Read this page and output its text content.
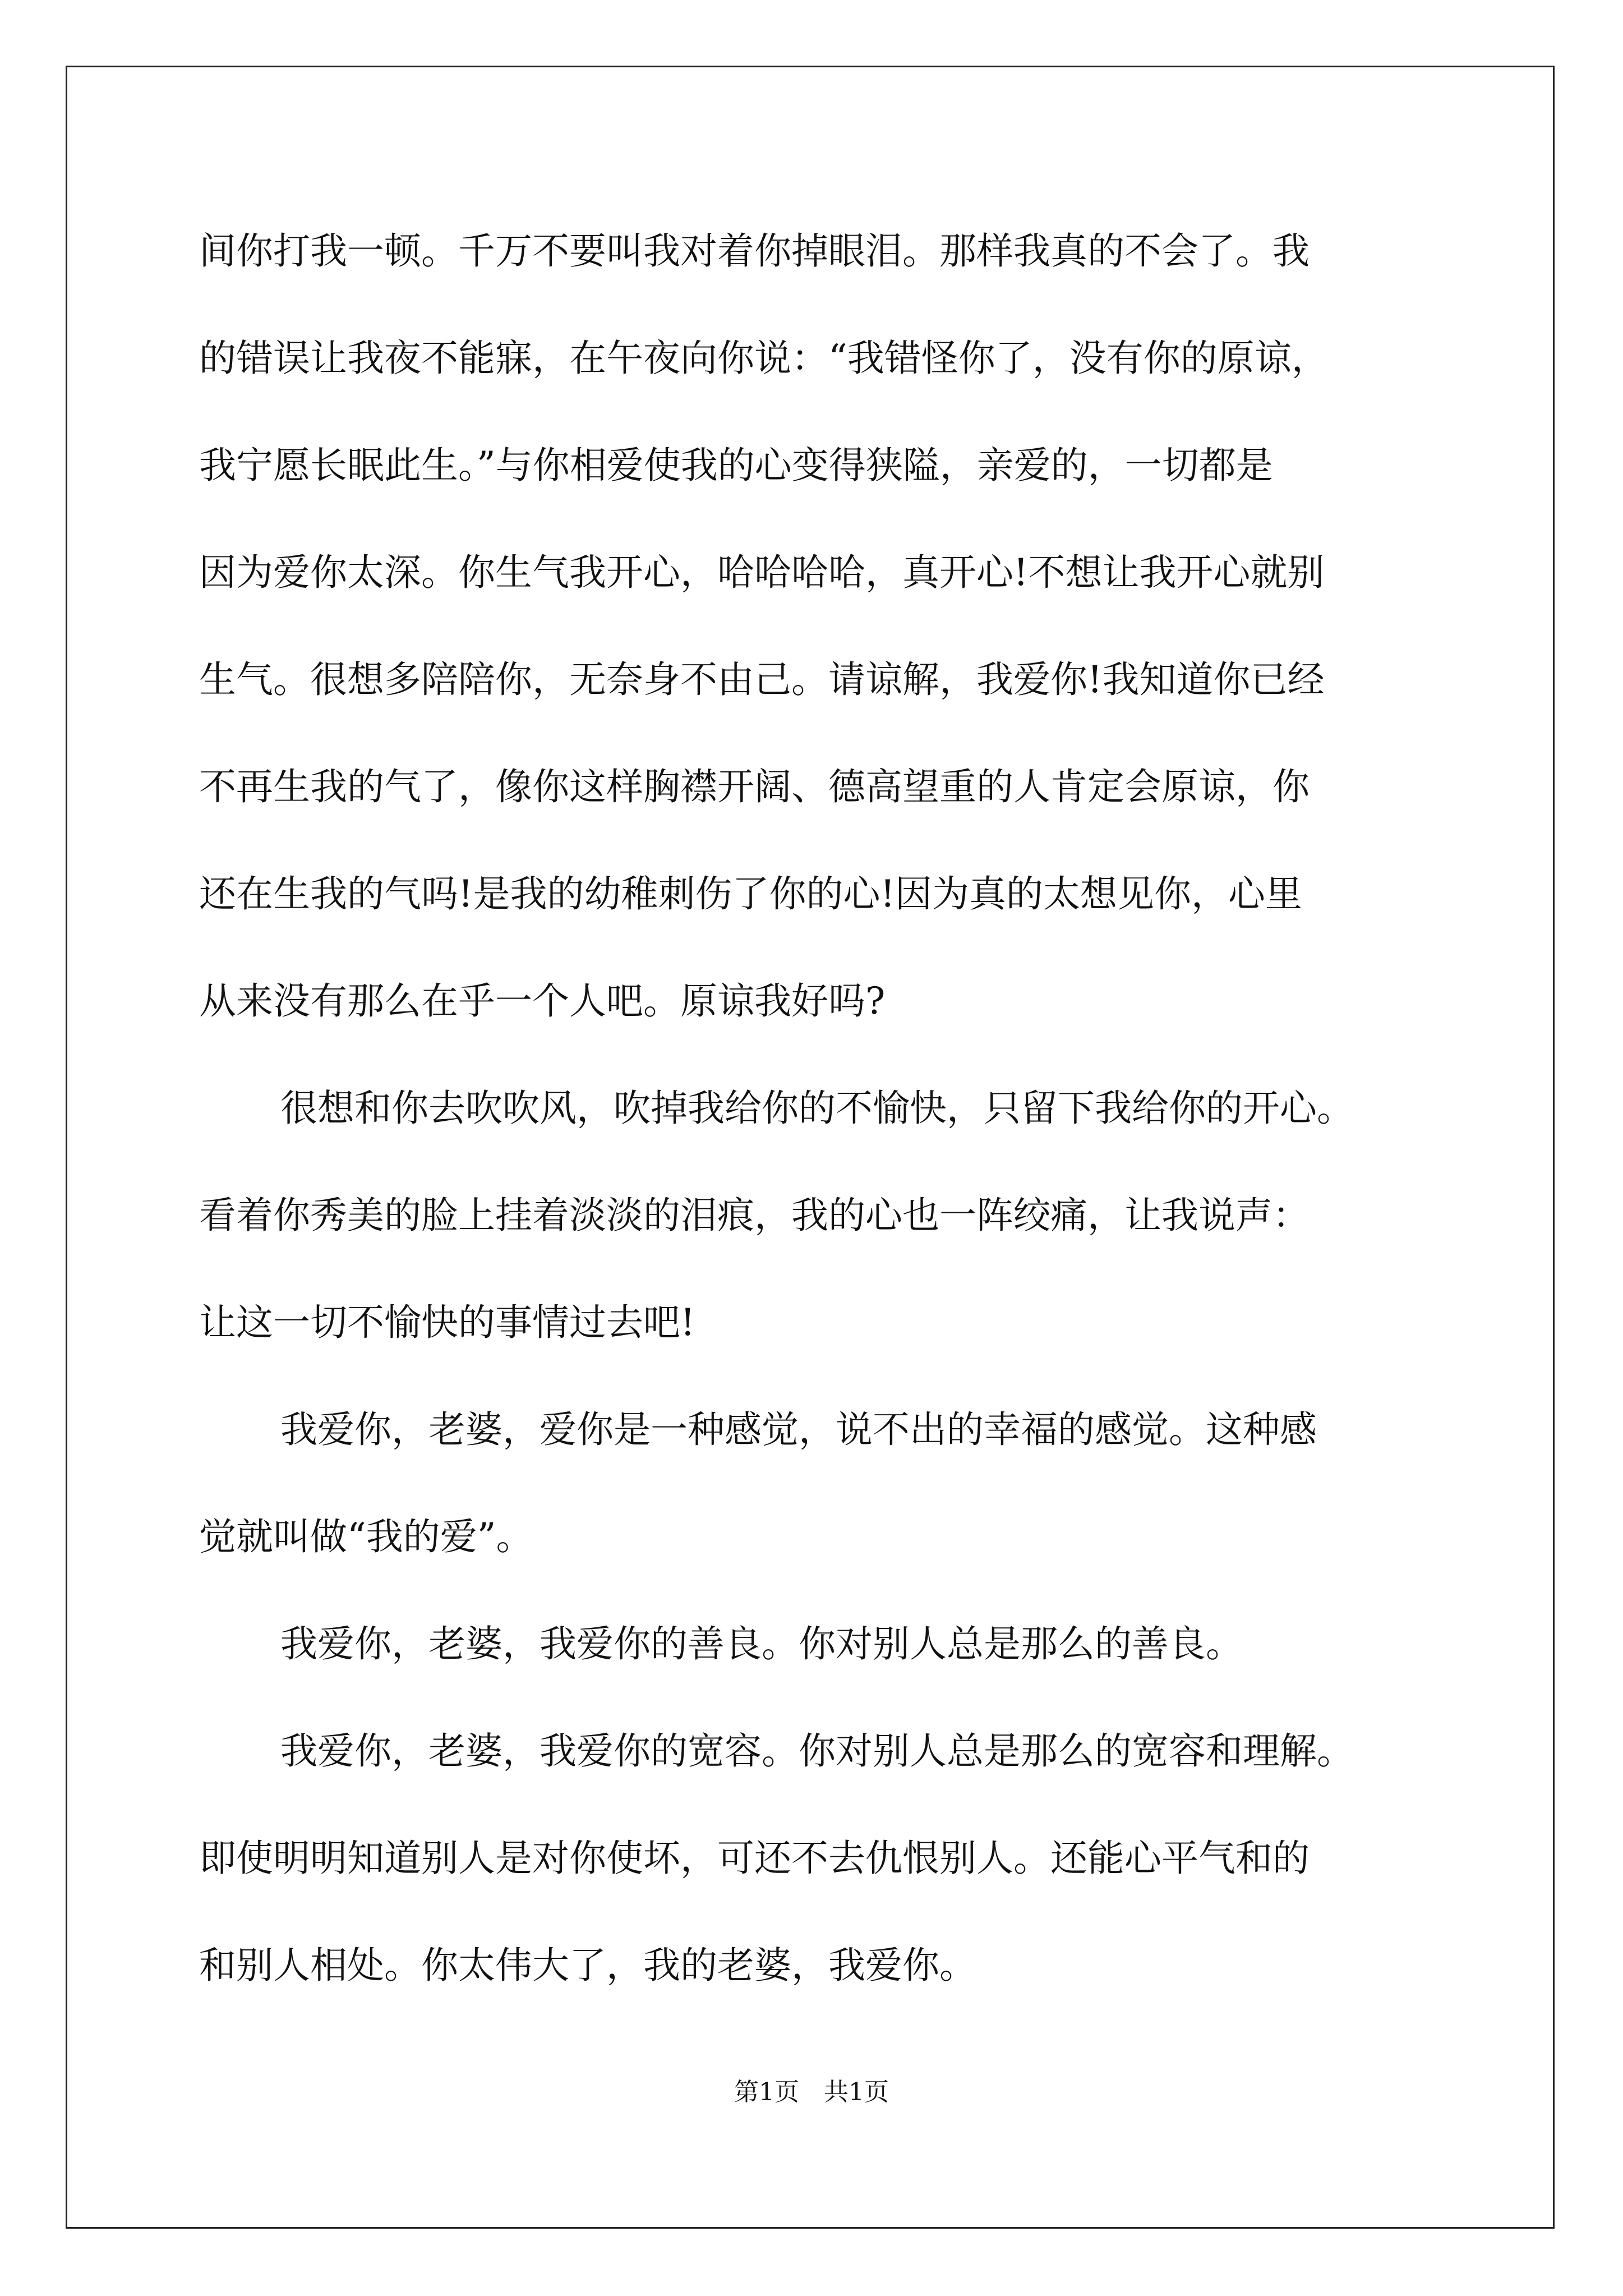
间你打我一顿。千万不要叫我对着你掉眼泪。那样我真的不会了。我
的错误让我夜不能寐，在午夜向你说：“我错怪你了，没有你的原谅，
我宁愿长眠此生。”与你相爱使我的心变得狭隘，亲爱的，一切都是
因为爱你太深。你生气我开心，哈哈哈哈，真开心!不想让我开心就别
生气。很想多陪陪你，无奈身不由己。请谅解，我爱你!我知道你已经
不再生我的气了，像你这样胸襟开阔、德高望重的人肯定会原谅，你
还在生我的气吗!是我的幼稚刺伤了你的心!因为真的太想见你，心里
从来没有那么在乎一个人吧。原谅我好吗?
很想和你去吹吹风，吹掉我给你的不愉快，只留下我给你的开心。
看着你秀美的脸上挂着淡淡的泪痕，我的心也一阵绞痛，让我说声：
让这一切不愉快的事情过去吧!
我爱你，老婆，爱你是一种感觉，说不出的幸福的感觉。这种感
觉就叫做“我的爱”。
我爱你，老婆，我爱你的善良。你对别人总是那么的善良。
我爱你，老婆，我爱你的宽容。你对别人总是那么的宽容和理解。
即使明明知道别人是对你使坏，可还不去仇恨别人。还能心平气和的
和别人相处。你太伟大了，我的老婆，我爱你。
第1页　共1页
